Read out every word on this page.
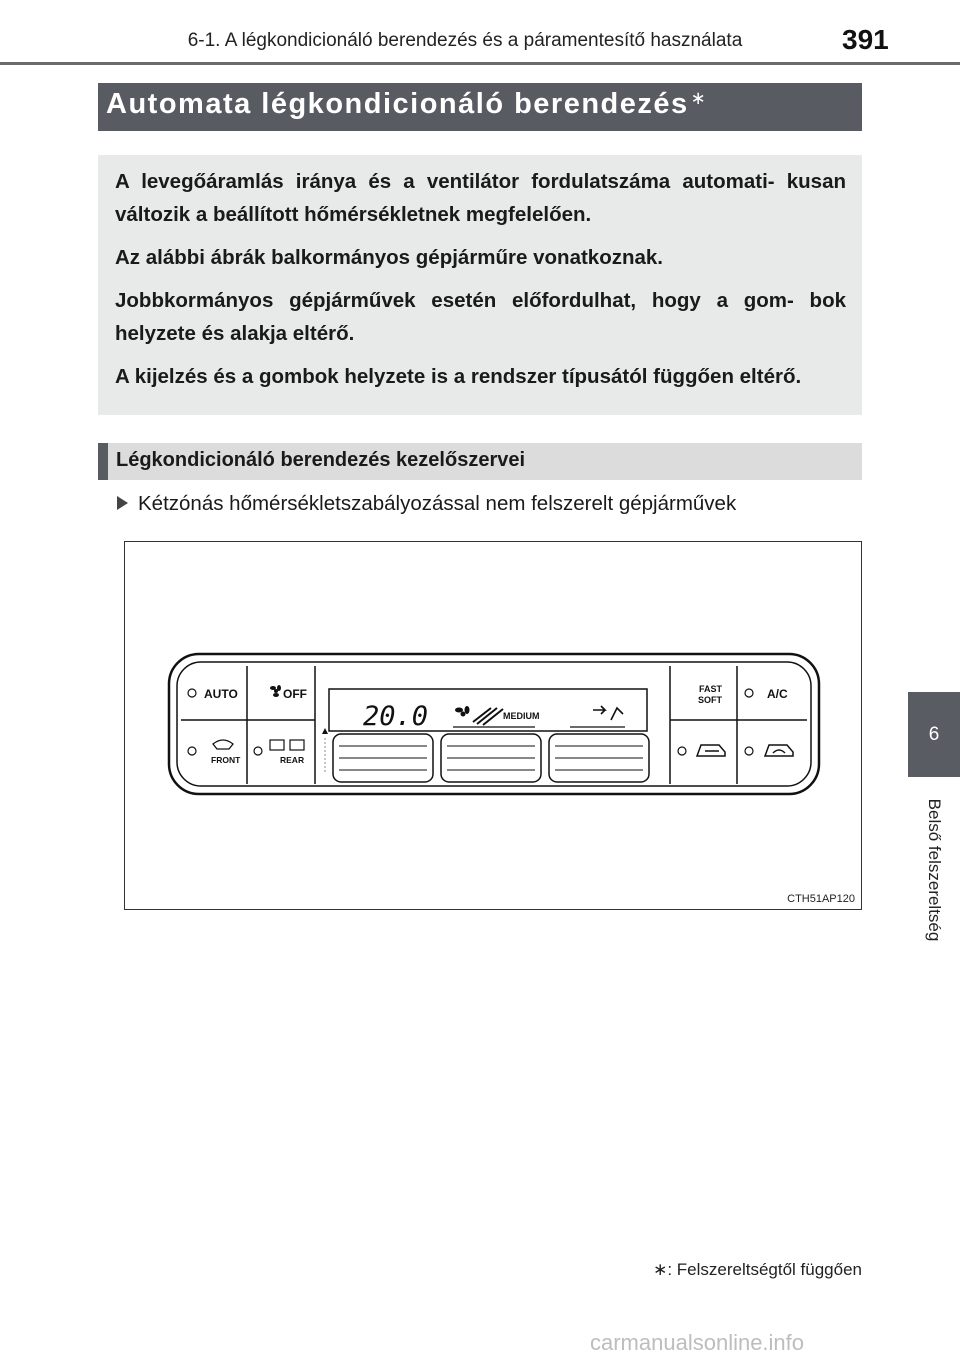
6-1. A légkondicionáló berendezés és a páramentesítő használata	391
6
Belső felszereltség
Automata légkondicionáló berendezés ∗

A levegőáramlás iránya és a ventilátor fordulatszáma automati- kusan változik a beállított hőmérsékletnek megfelelően.

Az alábbi ábrák balkormányos gépjárműre vonatkoznak.

Jobbkormányos gépjárművek esetén előfordulhat, hogy a gom- bok helyzete és alakja eltérő.

A kijelzés és a gombok helyzete is a rendszer típusától függően eltérő.

Légkondicionáló berendezés kezelőszervei
Kétzónás hőmérsékletszabályozással nem felszerelt gépjárművek
AUTO	OFF
FRONT	REAR
20.0	MEDIUM
FAST
SOFT	A/C
CTH51AP120
∗: Felszereltségtől függően
carmanualsonline.info
